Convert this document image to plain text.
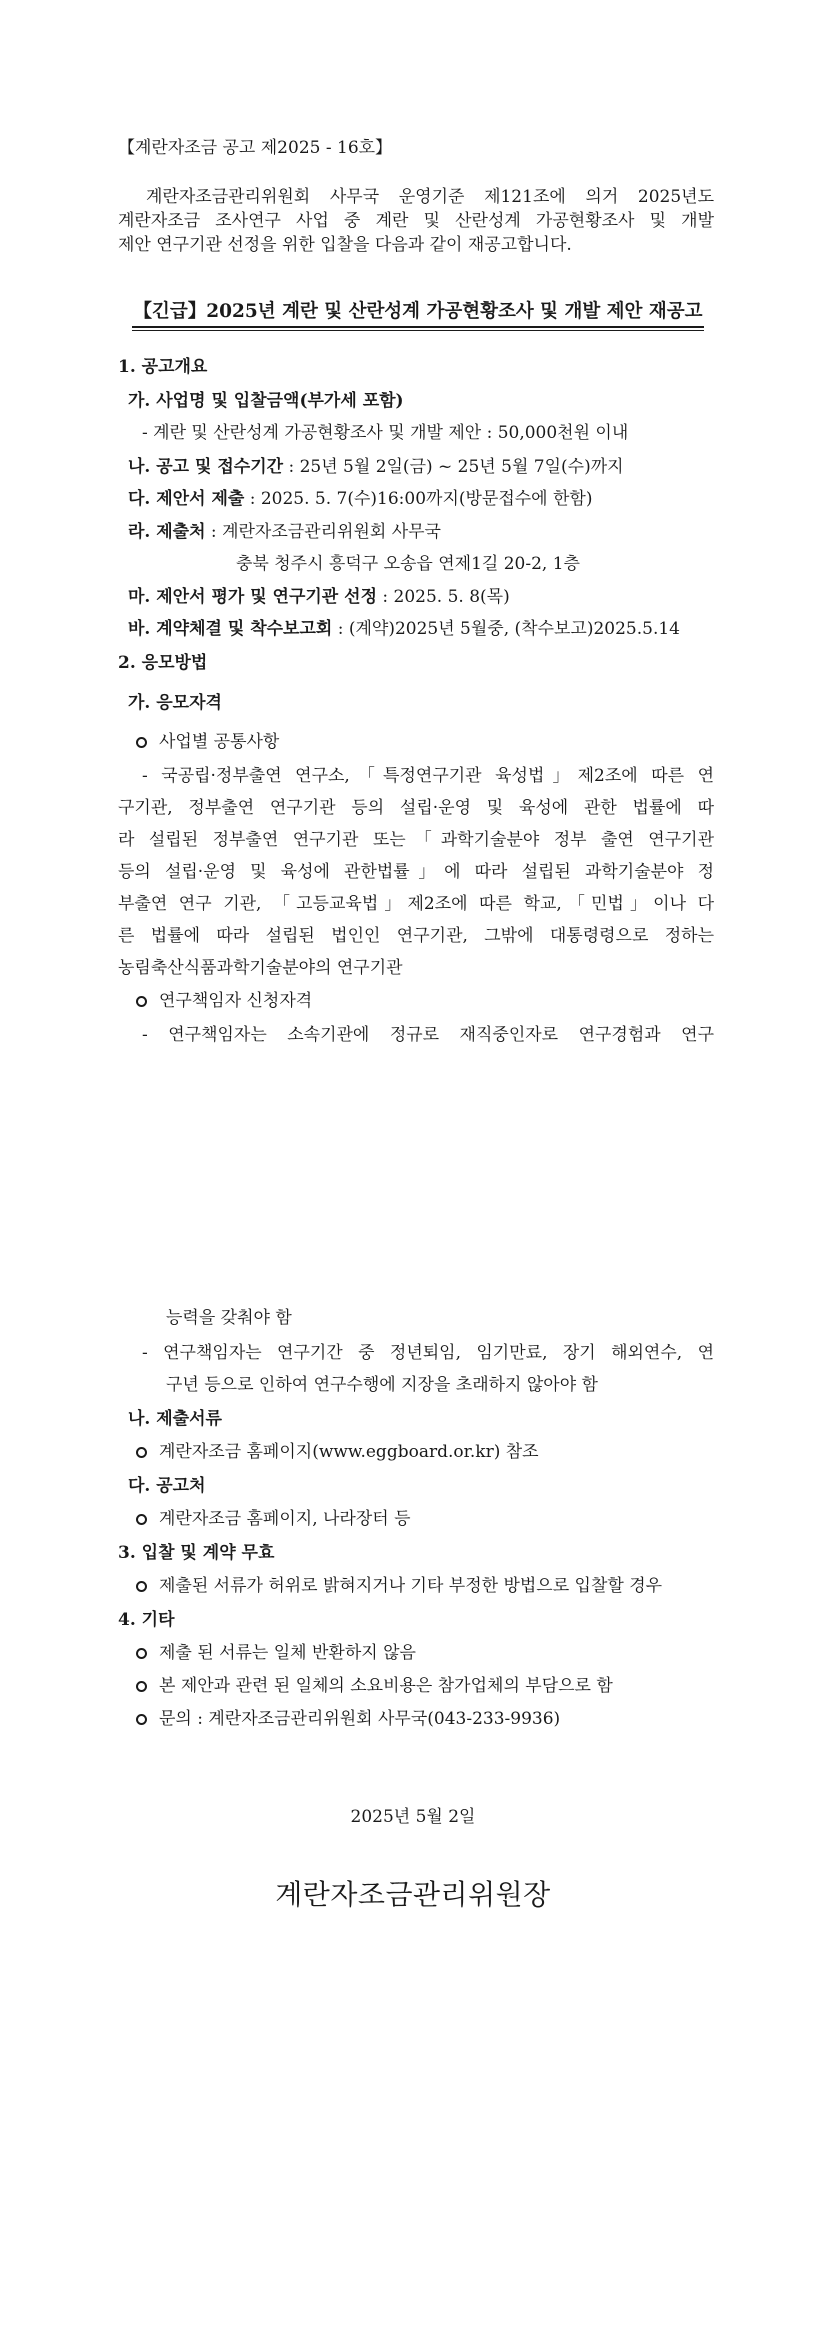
【계란자조금 공고 제2025 - 16호】
계란자조금관리위원회 사무국 운영기준 제121조에 의거 2025년도
계란자조금 조사연구 사업 중 계란 및 산란성계 가공현황조사 및 개발
제안 연구기관 선정을 위한 입찰을 다음과 같이 재공고합니다.
【긴급】2025년 계란 및 산란성계 가공현황조사 및 개발 제안 재공고
1. 공고개요
가. 사업명 및 입찰금액(부가세 포함)
- 계란 및 산란성계 가공현황조사 및 개발 제안 : 50,000천원 이내
나. 공고 및 접수기간 : 25년 5월 2일(금) ~ 25년 5월 7일(수)까지
다. 제안서 제출 : 2025. 5. 7(수)16:00까지(방문접수에 한함)
라. 제출처 : 계란자조금관리위원회 사무국
충북 청주시 흥덕구 오송읍 연제1길 20-2, 1층
마. 제안서 평가 및 연구기관 선정 : 2025. 5. 8(목)
바. 계약체결 및 착수보고회 : (계약)2025년 5월중, (착수보고)2025.5.14
2. 응모방법
가. 응모자격
사업별 공통사항
- 국공립·정부출연 연구소,「특정연구기관 육성법」제2조에 따른 연
구기관, 정부출연 연구기관 등의 설립·운영 및 육성에 관한 법률에 따
라 설립된 정부출연 연구기관 또는「과학기술분야 정부 출연 연구기관
등의 설립·운영 및 육성에 관한법률」에 따라 설립된 과학기술분야 정
부출연 연구 기관, 「고등교육법」제2조에 따른 학교,「민법」이나 다
른 법률에 따라 설립된 법인인 연구기관, 그밖에 대통령령으로 정하는
농림축산식품과학기술분야의 연구기관
연구책임자 신청자격
- 연구책임자는 소속기관에 정규로 재직중인자로 연구경험과 연구
능력을 갖춰야 함
- 연구책임자는 연구기간 중 정년퇴임, 임기만료, 장기 해외연수, 연
구년 등으로 인하여 연구수행에 지장을 초래하지 않아야 함
나. 제출서류
계란자조금 홈페이지(www.eggboard.or.kr) 참조
다. 공고처
계란자조금 홈페이지, 나라장터 등
3. 입찰 및 계약 무효
제출된 서류가 허위로 밝혀지거나 기타 부정한 방법으로 입찰할 경우
4. 기타
제출 된 서류는 일체 반환하지 않음
본 제안과 관련 된 일체의 소요비용은 참가업체의 부담으로 함
문의 : 계란자조금관리위원회 사무국(043-233-9936)
2025년 5월 2일
계란자조금관리위원장
